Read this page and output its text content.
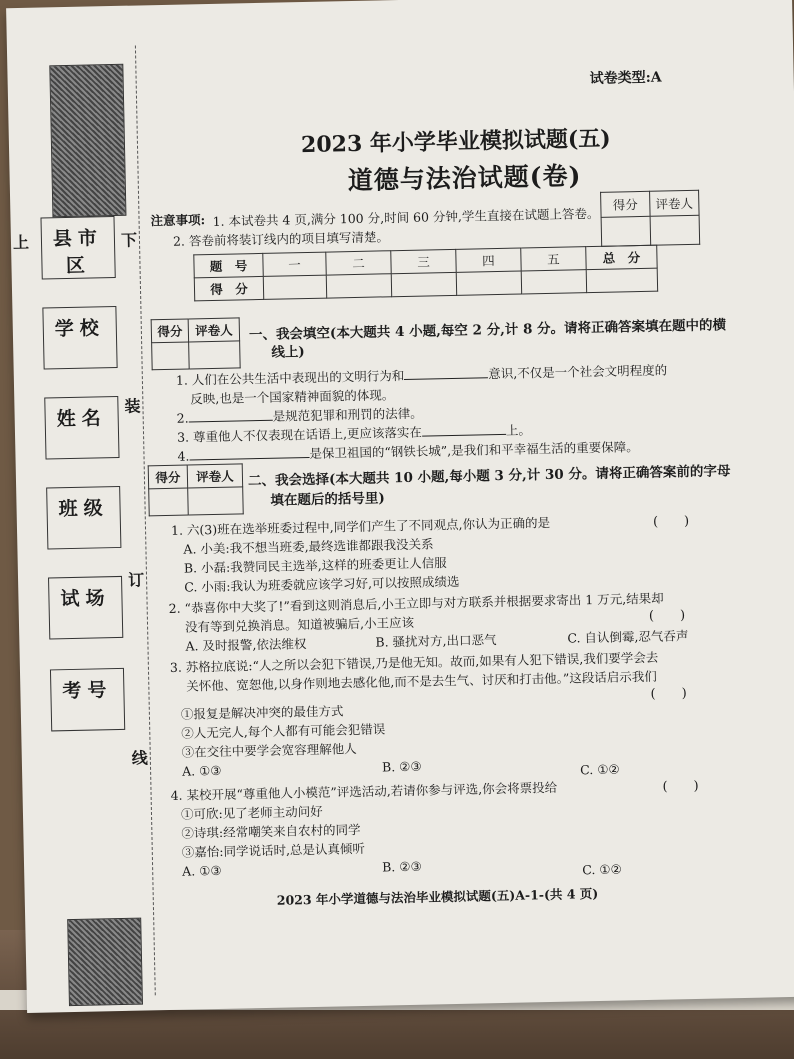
县市区
学校
姓名
班级
试场
考号
上	下
装
订
线
试卷类型:A
2023 年小学毕业模拟试题(五)
道德与法治试题(卷)
得分	评卷人

注意事项: 1. 本试卷共 4 页,满分 100 分,时间 60 分钟,学生直接在试题上答卷。
2. 答卷前将装订线内的项目填写清楚。
题　号	一	二	三	四	五	总　分
得　分						
得分	评卷人
	一、我会填空(本大题共 4 小题,每空 2 分,计 8 分。请将正确答案填在题中的横
线上)
1. 人们在公共生活中表现出的文明行为和	意识,不仅是一个社会文明程度的
反映,也是一个国家精神面貌的体现。
2.	是规范犯罪和刑罚的法律。
3. 尊重他人不仅表现在话语上,更应该落实在	上。
4.	是保卫祖国的“钢铁长城”,是我们和平幸福生活的重要保障。
得分	评卷人
	二、我会选择(本大题共 10 小题,每小题 3 分,计 30 分。请将正确答案前的字母
填在题后的括号里)
1. 六(3)班在选举班委过程中,同学们产生了不同观点,你认为正确的是	(　　)
A. 小美:我不想当班委,最终选谁都跟我没关系
B. 小磊:我赞同民主选举,这样的班委更让人信服
C. 小雨:我认为班委就应该学习好,可以按照成绩选
2. “恭喜你中大奖了!”看到这则消息后,小王立即与对方联系并根据要求寄出 1 万元,结果却
没有等到兑换消息。知道被骗后,小王应该	(　　)
A. 及时报警,依法维权	B. 骚扰对方,出口恶气	C. 自认倒霉,忍气吞声
3. 苏格拉底说:“人之所以会犯下错误,乃是他无知。故而,如果有人犯下错误,我们要学会去
关怀他、宽恕他,以身作则地去感化他,而不是去生气、讨厌和打击他。”这段话启示我们
(　　)
①报复是解决冲突的最佳方式
②人无完人,每个人都有可能会犯错误
③在交往中要学会宽容理解他人
A. ①③	B. ②③	C. ①②
4. 某校开展“尊重他人小模范”评选活动,若请你参与评选,你会将票投给	(　　)
①可欣:见了老师主动问好
②诗琪:经常嘲笑来自农村的同学
③嘉怡:同学说话时,总是认真倾听
A. ①③	B. ②③	C. ①②
2023 年小学道德与法治毕业模拟试题(五)A-1-(共 4 页)
